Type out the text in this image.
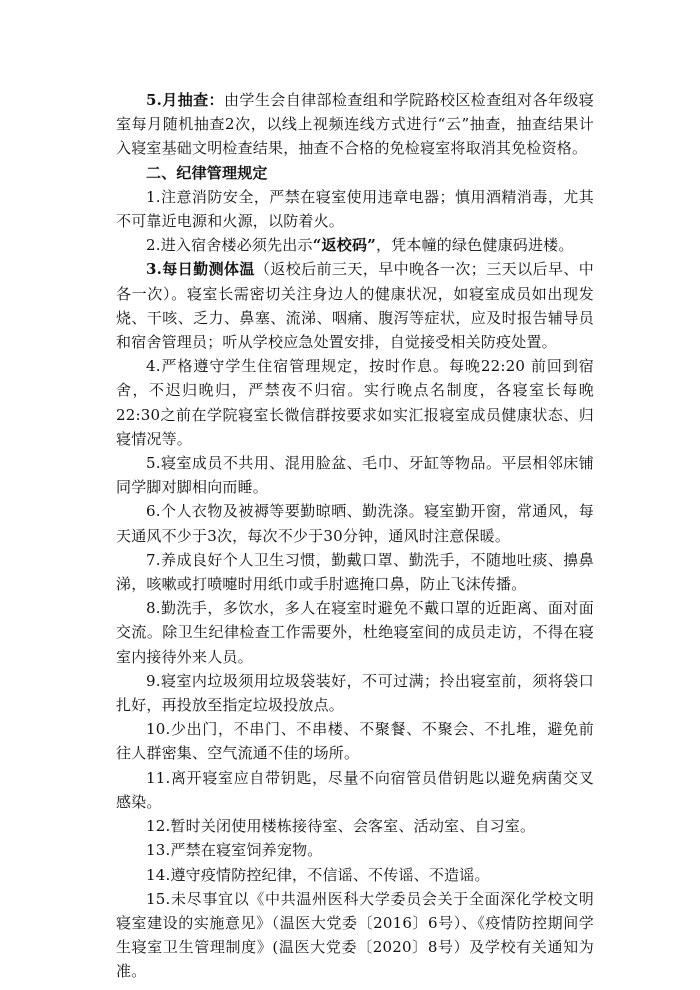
5.月抽查：由学生会自律部检查组和学院路校区检查组对各年级寝室每月随机抽查2次，以线上视频连线方式进行“云”抽查，抽查结果计入寝室基础文明检查结果，抽查不合格的免检寝室将取消其免检资格。

二、纪律管理规定

1.注意消防安全，严禁在寝室使用违章电器；慎用酒精消毒，尤其不可靠近电源和火源，以防着火。

2.进入宿舍楼必须先出示“返校码”，凭本幢的绿色健康码进楼。

3.每日勤测体温（返校后前三天，早中晚各一次；三天以后早、中各一次）。寝室长需密切关注身边人的健康状况，如寝室成员如出现发烧、干咳、乏力、鼻塞、流涕、咽痛、腹泻等症状，应及时报告辅导员和宿舍管理员；听从学校应急处置安排，自觉接受相关防疫处置。

4.严格遵守学生住宿管理规定，按时作息。每晚22:20 前回到宿舍，不迟归晚归，严禁夜不归宿。实行晚点名制度，各寝室长每晚22:30之前在学院寝室长微信群按要求如实汇报寝室成员健康状态、归寝情况等。

5.寝室成员不共用、混用脸盆、毛巾、牙缸等物品。平层相邻床铺同学脚对脚相向而睡。

6.个人衣物及被褥等要勤晾晒、勤洗涤。寝室勤开窗，常通风，每天通风不少于3次，每次不少于30分钟，通风时注意保暖。

7.养成良好个人卫生习惯，勤戴口罩、勤洗手，不随地吐痰、擤鼻涕，咳嗽或打喷嚏时用纸巾或手肘遮掩口鼻，防止飞沫传播。

8.勤洗手，多饮水，多人在寝室时避免不戴口罩的近距离、面对面交流。除卫生纪律检查工作需要外，杜绝寝室间的成员走访，不得在寝室内接待外来人员。

9.寝室内垃圾须用垃圾袋装好，不可过满；拎出寝室前，须将袋口扎好，再投放至指定垃圾投放点。

10.少出门，不串门、不串楼、不聚餐、不聚会、不扎堆，避免前往人群密集、空气流通不佳的场所。

11.离开寝室应自带钥匙，尽量不向宿管员借钥匙以避免病菌交叉感染。

12.暂时关闭使用楼栋接待室、会客室、活动室、自习室。

13.严禁在寝室饲养宠物。

14.遵守疫情防控纪律，不信谣、不传谣、不造谣。

15.未尽事宜以《中共温州医科大学委员会关于全面深化学校文明寝室建设的实施意见》（温医大党委〔2016〕6号）、《疫情防控期间学生寝室卫生管理制度》(温医大党委〔2020〕8号）及学校有关通知为准。
